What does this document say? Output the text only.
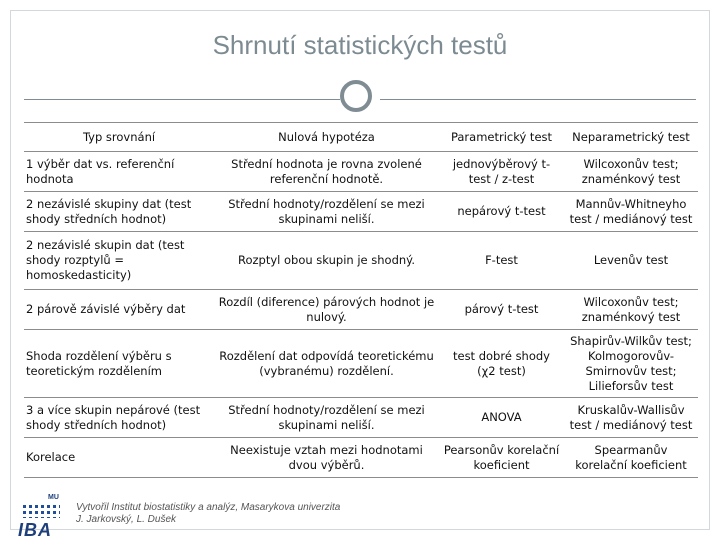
Shrnutí statistických testů
Typ srovnání	Nulová hypotéza	Parametrický test	Neparametrický test
1 výběr dat vs. referenční hodnota	Střední hodnota je rovna zvolené referenční hodnotě.	jednovýběrový t-test / z-test	Wilcoxonův test; znaménkový test
2 nezávislé skupiny dat (test shody středních hodnot)	Střední hodnoty/rozdělení se mezi skupinami neliší.	nepárový t-test	Mannův-Whitneyho test / mediánový test
2 nezávislé skupin dat (test shody rozptylů = homoskedasticity)	Rozptyl obou skupin je shodný.	F-test	Levenův test
2 párově závislé výběry dat	Rozdíl (diference) párových hodnot je nulový.	párový t-test	Wilcoxonův test; znaménkový test
Shoda rozdělení výběru s teoretickým rozdělením	Rozdělení dat odpovídá teoretickému (vybranému) rozdělení.	test dobré shody (χ2 test)	Shapirův-Wilkův test; Kolmogorovův-Smirnovův test; Lilieforsův test
3 a více skupin nepárové (test shody středních hodnot)	Střední hodnoty/rozdělení se mezi skupinami neliší.	ANOVA	Kruskalův-Wallisův test / mediánový test
Korelace	Neexistuje vztah mezi hodnotami dvou výběrů.	Pearsonův korelační koeficient	Spearmanův korelační koeficient
MU
IBA
Vytvořil Institut biostatistiky a analýz, Masarykova univerzita
J. Jarkovský, L. Dušek
